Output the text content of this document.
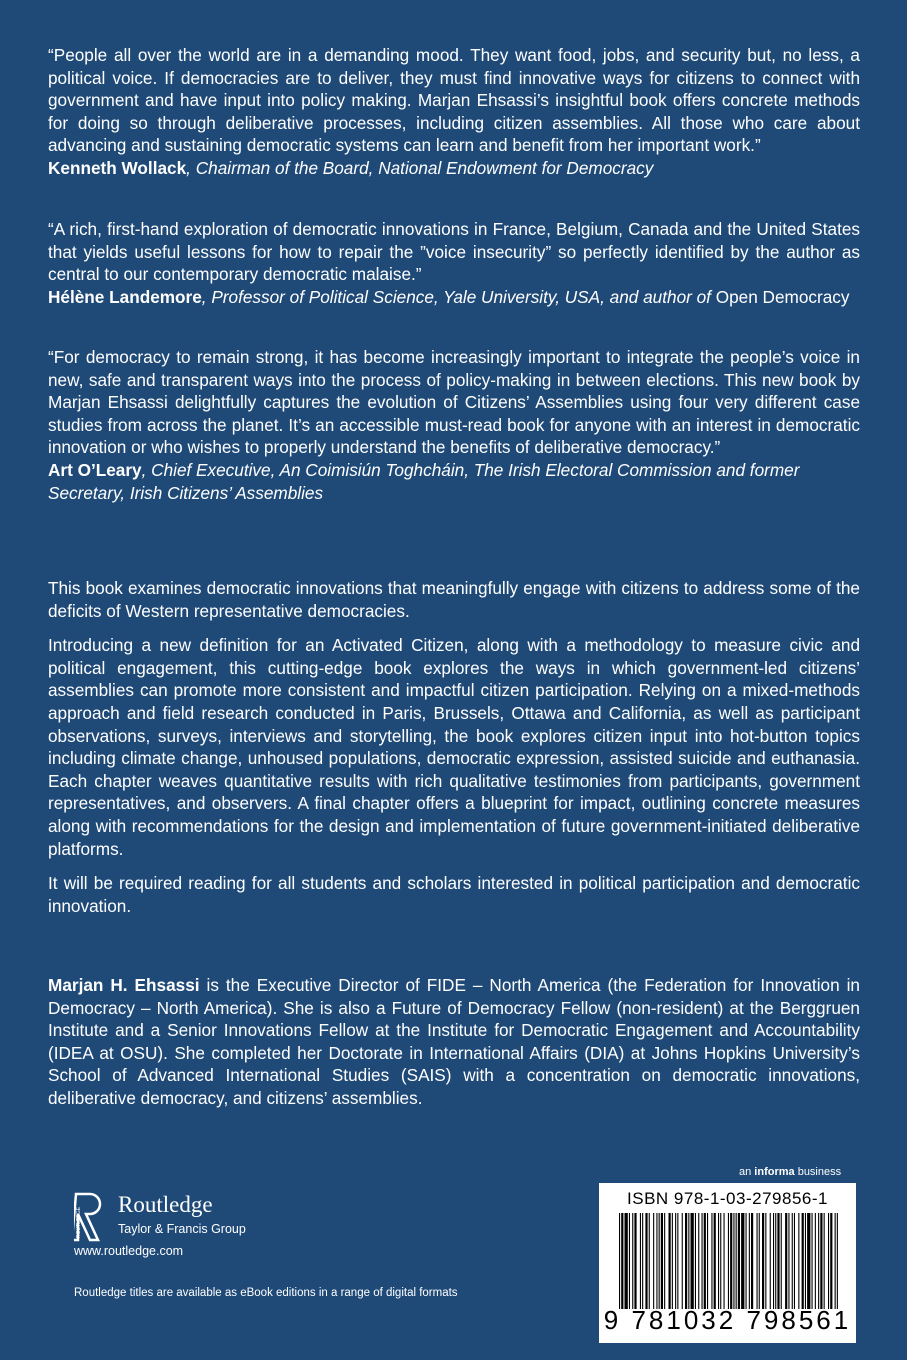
“People all over the world are in a demanding mood. They want food, jobs, and security but, no less, a political voice. If democracies are to deliver, they must find innovative ways for citizens to connect with government and have input into policy making. Marjan Ehsassi’s insightful book offers concrete methods for doing so through deliberative processes, including citizen assemblies. All those who care about advancing and sustaining democratic systems can learn and benefit from her important work.”
Kenneth Wollack, Chairman of the Board, National Endowment for Democracy
“A rich, first-hand exploration of democratic innovations in France, Belgium, Canada and the United States that yields useful lessons for how to repair the ”voice insecurity” so perfectly identified by the author as central to our contemporary democratic malaise.”
Hélène Landemore, Professor of Political Science, Yale University, USA, and author of Open Democracy
“For democracy to remain strong, it has become increasingly important to integrate the people’s voice in new, safe and transparent ways into the process of policy-making in between elections. This new book by Marjan Ehsassi delightfully captures the evolution of Citizens’ Assemblies using four very different case studies from across the planet. It’s an accessible must-read book for anyone with an interest in democratic innovation or who wishes to properly understand the benefits of deliberative democracy.”
Art O’Leary, Chief Executive, An Coimisiún Toghcháin, The Irish Electoral Commission and former Secretary, Irish Citizens’ Assemblies

This book examines democratic innovations that meaningfully engage with citizens to address some of the deficits of Western representative democracies.

Introducing a new definition for an Activated Citizen, along with a methodology to measure civic and political engagement, this cutting-edge book explores the ways in which government-led citizens’ assemblies can promote more consistent and impactful citizen participation. Relying on a mixed-methods approach and field research conducted in Paris, Brussels, Ottawa and California, as well as participant observations, surveys, interviews and storytelling, the book explores citizen input into hot-button topics including climate change, unhoused populations, democratic expression, assisted suicide and euthanasia. Each chapter weaves quantitative results with rich qualitative testimonies from participants, government representatives, and observers. A final chapter offers a blueprint for impact, outlining concrete measures along with recommendations for the design and implementation of future government-initiated deliberative platforms.

It will be required reading for all students and scholars interested in political participation and democratic innovation.

Marjan H. Ehsassi is the Executive Director of FIDE – North America (the Federation for Innovation in Democracy – North America). She is also a Future of Democracy Fellow (non-resident) at the Berggruen Institute and a Senior Innovations Fellow at the Institute for Democratic Engagement and Accountability (IDEA at OSU). She completed her Doctorate in International Affairs (DIA) at Johns Hopkins University’s School of Advanced International Studies (SAIS) with a concentration on democratic innovations, deliberative democracy, and citizens’ assemblies.
ROUTLEDGE
Routledge
Taylor & Francis Group
www.routledge.com
Routledge titles are available as eBook editions in a range of digital formats
an informa business
ISBN 978-1-03-279856-1
9 781032 798561
